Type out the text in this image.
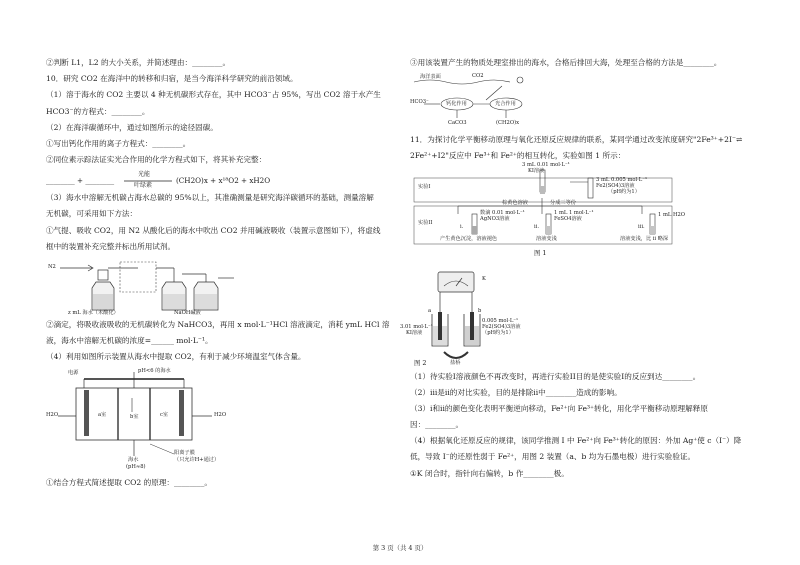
②判断 L1，L2 的大小关系，并简述理由：________。
10．研究 CO2 在海洋中的转移和归宿，是当今海洋科学研究的前沿领域。
（1）溶于海水的 CO2 主要以 4 种无机碳形式存在，其中 HCO3⁻占 95%，写出 CO2 溶于水产生
HCO3⁻的方程式：________。
（2）在海洋碳循环中，通过如图所示的途径固碳。
①写出钙化作用的离子方程式：________。
②同位素示踪法证实光合作用的化学方程式如下，将其补充完整：
________ + ________
光能
叶绿素
(CH2O)x + x¹⁸O2 + xH2O
（3）海水中溶解无机碳占海水总碳的 95%以上，其准确测量是研究海洋碳循环的基础，测量溶解
无机碳，可采用如下方法：
①气提、吸收 CO2，用 N2 从酸化后的海水中吹出 CO2 并用碱液吸收（装置示意图如下），将虚线
框中的装置补充完整并标出所用试剂。
N2
z mL 海水（未酸化）	NaOH碱液
②滴定，将吸收液吸收的无机碳转化为 NaHCO3，再用 x mol·L⁻¹HCl 溶液滴定，消耗 ymL HCl 溶
液，海水中溶解无机碳的浓度=______ mol·L⁻¹。
（4）利用如图所示装置从海水中提取 CO2，有利于减少环境温室气体含量。
电源	pH<6 的海水
H2O	H2O
a室	b室	c室
阳离子膜
（只允许H+通过）
海水
(pH≈8)
①结合方程式简述提取 CO2 的原理：________。
③用该装置产生的物质处理室排出的海水，合格后排回大海，处理至合格的方法是________。
海洋表面	CO2
HCO3⁻	钙化作用	光合作用
CaCO3	(CH2O)x
11．为探讨化学平衡移动原理与氧化还原反应规律的联系，某同学通过改变浓度研究"2Fe³⁺+2I⁻⇌
2Fe²⁺+I2"反应中 Fe³⁺和 Fe²⁺的相互转化，实验如图 1 所示：
实验I
实验II
3 mL 0.01 mol·L⁻¹
KI溶液
3 mL 0.005 mol·L⁻¹
Fe2(SO4)3溶液
（pH约为1）
棕黄色溶液	分成三等份
数滴 0.01 mol·L⁻¹
AgNO3溶液
1 mL 1 mol·L⁻¹
FeSO4溶液
1 mL H2O
i.	ii.	iii.
产生黄色沉淀，溶液褪色	溶液变浅	溶液变浅，比 ii 略深
图 1
K
a	b
3.01 mol·L⁻¹
KI溶液
0.005 mol·L⁻¹
Fe2(SO4)3溶液
（pH约为1）
盐桥
图 2
（1）待实验I溶液颜色不再改变时，再进行实验II目的是使实验I的反应到达________。
（2）iii是ii的对比实验，目的是排除ii中________造成的影响。
（3）i和ii的颜色变化表明平衡逆向移动，Fe²⁺向 Fe³⁺转化，用化学平衡移动原理解释原
因：________。
（4）根据氧化还原反应的规律，该同学推测 I 中 Fe²⁺向 Fe³⁺转化的原因：外加 Ag⁺使 c（I⁻）降
低，导致 I⁻的还原性弱于 Fe²⁺，用图 2 装置（a、b 均为石墨电极）进行实验验证。
①K 闭合时，指针向右偏转，b 作________极。
第 3 页（共 4 页）
